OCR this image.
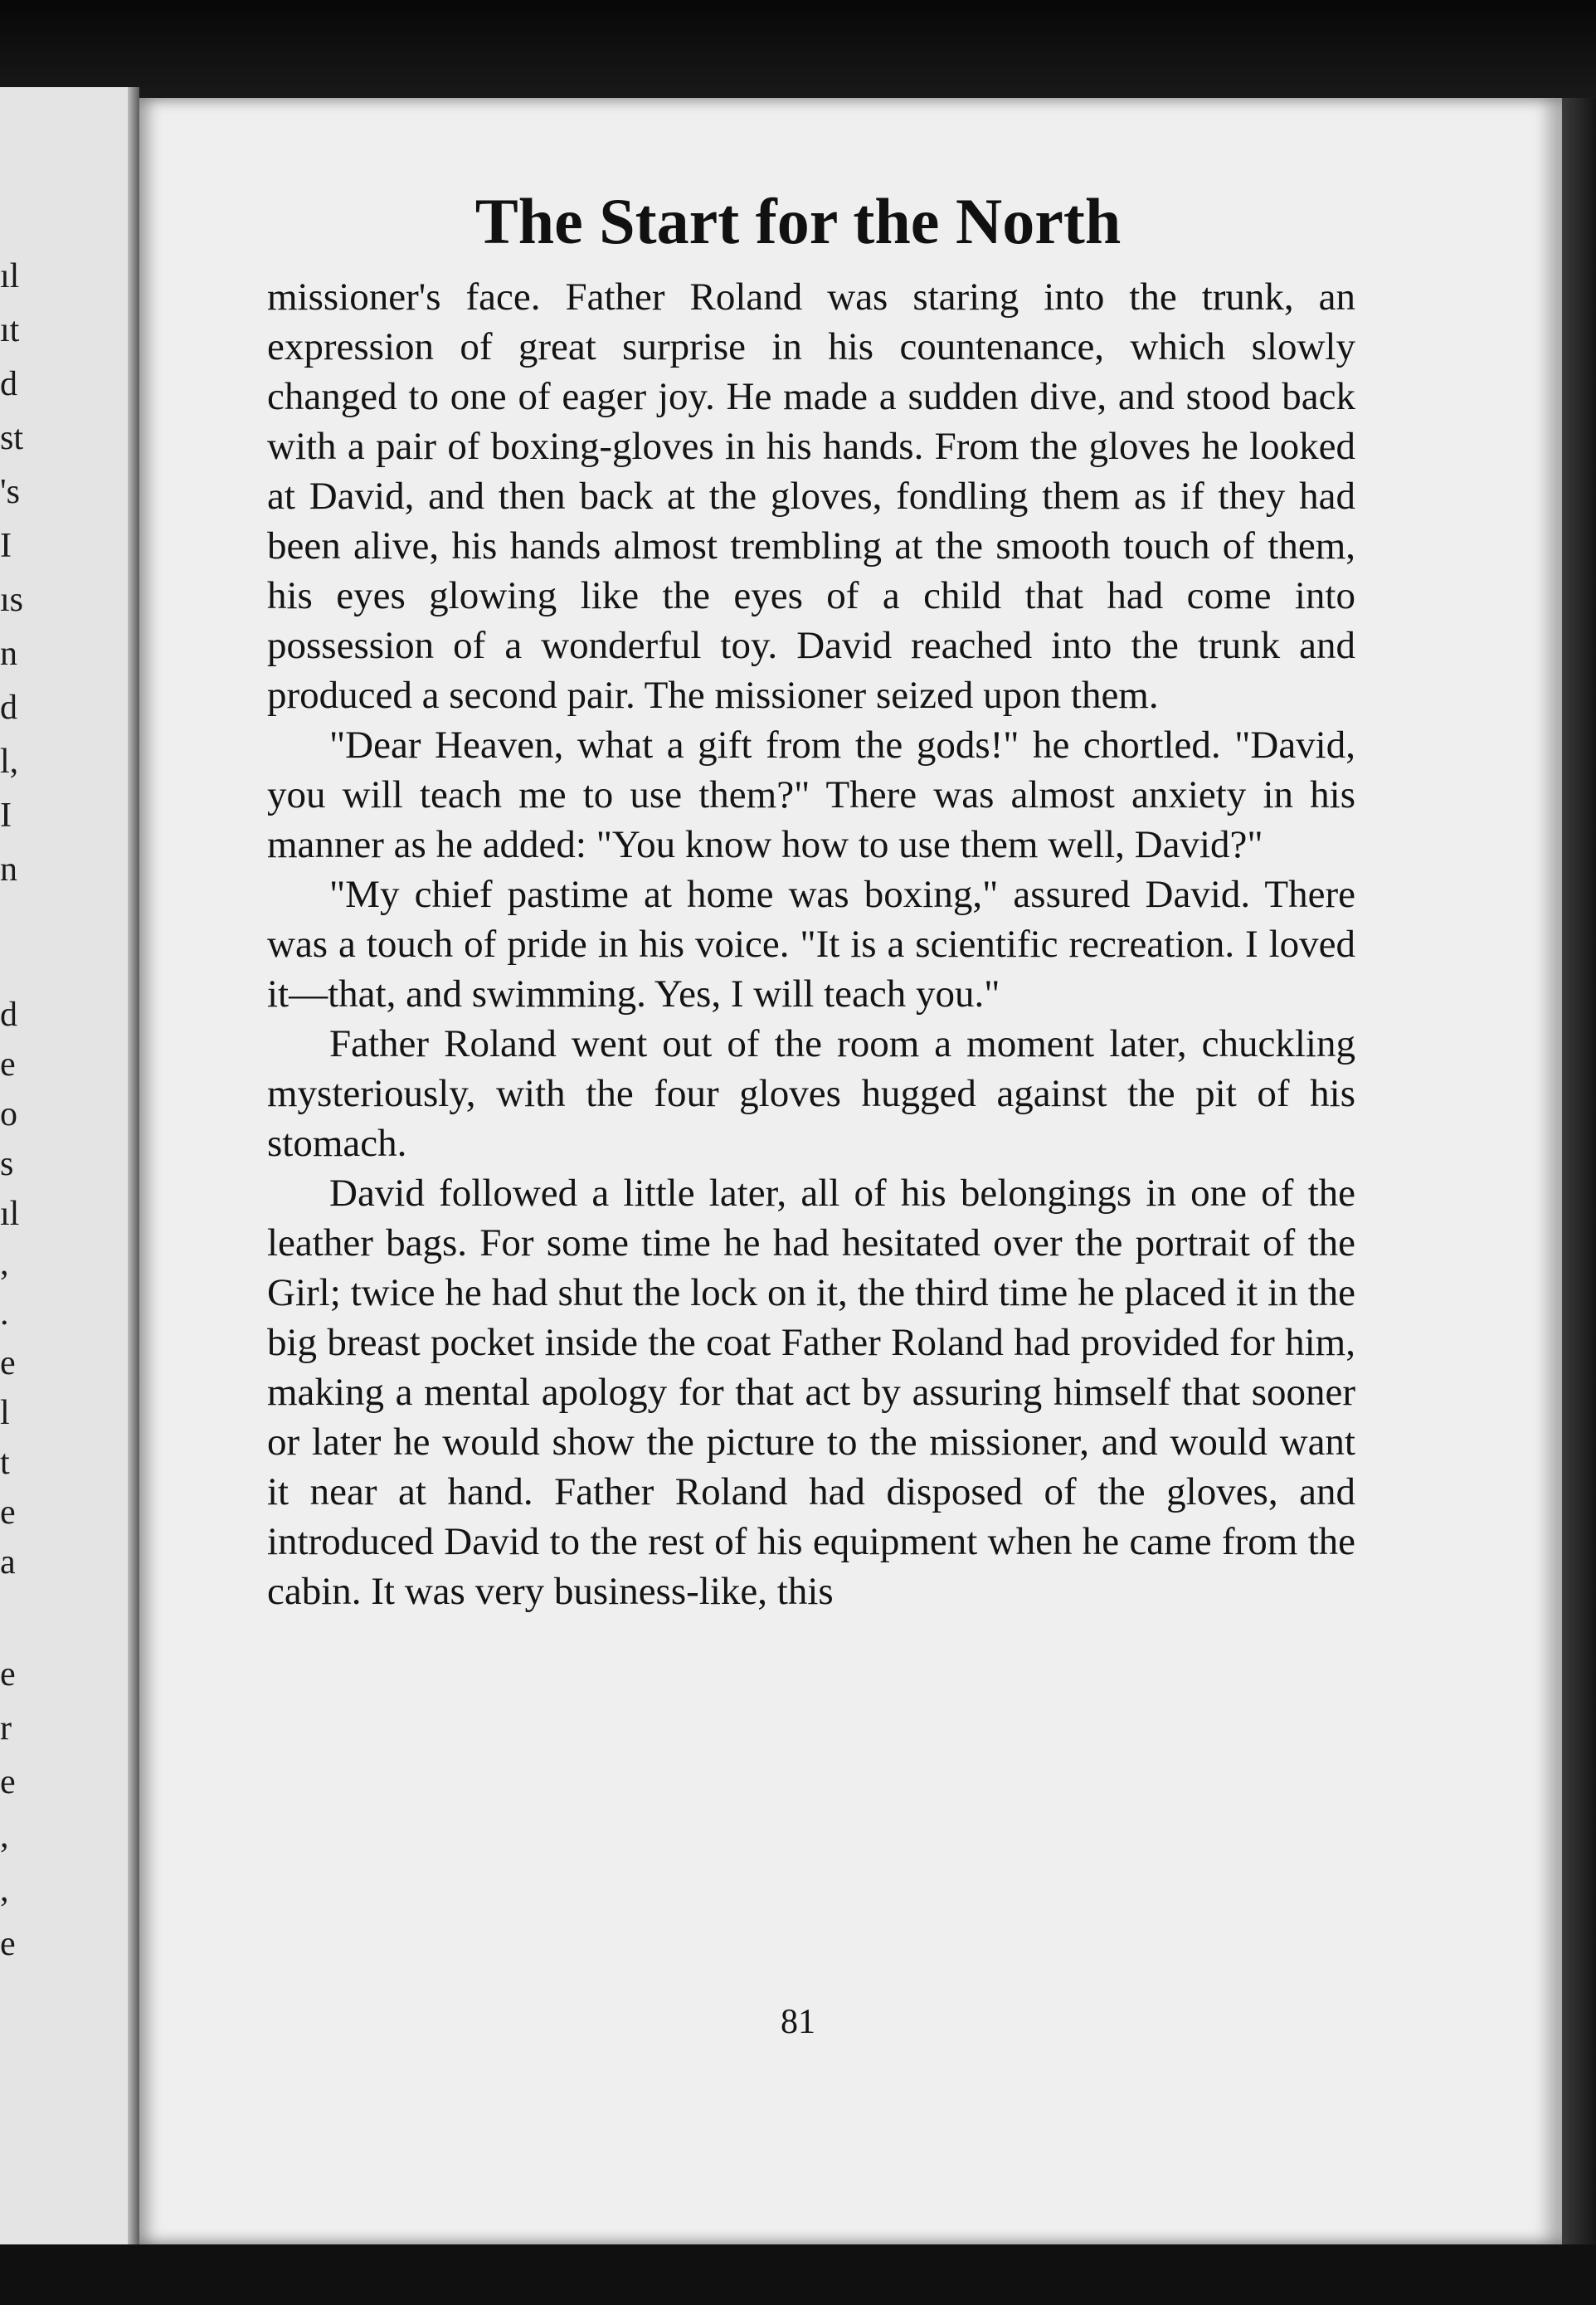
ıl
ıt
d
st
's
I
ıs
n
d
l,
I
n
d
e
o
s
ıl
,
.
e
l
t
e
a
e
r
e
,
,
e
The Start for the North

missioner's face. Father Roland was staring into the trunk, an expression of great surprise in his countenance, which slowly changed to one of eager joy. He made a sudden dive, and stood back with a pair of boxing-gloves in his hands. From the gloves he looked at David, and then back at the gloves, fondling them as if they had been alive, his hands almost trembling at the smooth touch of them, his eyes glowing like the eyes of a child that had come into possession of a wonderful toy. David reached into the trunk and produced a second pair. The missioner seized upon them.

"Dear Heaven, what a gift from the gods!" he chortled. "David, you will teach me to use them?" There was almost anxiety in his manner as he added: "You know how to use them well, David?"

"My chief pastime at home was boxing," assured David. There was a touch of pride in his voice. "It is a scientific recreation. I loved it—that, and swimming. Yes, I will teach you."

Father Roland went out of the room a moment later, chuckling mysteriously, with the four gloves hugged against the pit of his stomach.

David followed a little later, all of his belongings in one of the leather bags. For some time he had hesitated over the portrait of the Girl; twice he had shut the lock on it, the third time he placed it in the big breast pocket inside the coat Father Roland had provided for him, making a mental apology for that act by assuring himself that sooner or later he would show the picture to the missioner, and would want it near at hand. Father Roland had disposed of the gloves, and introduced David to the rest of his equipment when he came from the cabin. It was very business-like, this

81
